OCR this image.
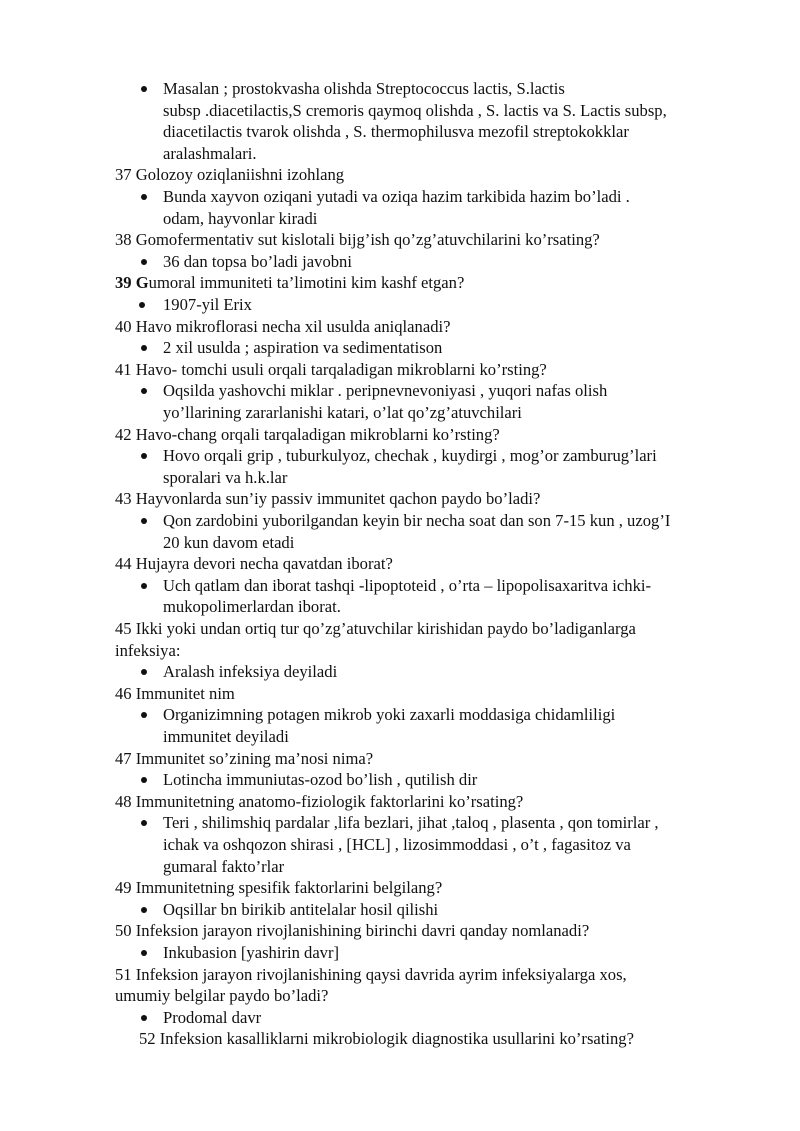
Masalan ; prostokvasha olishda Streptococcus lactis, S.lactis
subsp .diacetilactis,S cremoris qaymoq olishda , S. lactis va S. Lactis subsp,
diacetilactis tvarok olishda , S. thermophilusva mezofil streptokokklar
aralashmalari.
37 Golozoy oziqlaniishni izohlang
Bunda xayvon oziqani yutadi va oziqa hazim tarkibida hazim bo’ladi .
odam, hayvonlar kiradi
38 Gomofermentativ sut kislotali bijg’ish qo’zg’atuvchilarini ko’rsating?
36 dan topsa bo’ladi javobni
39 Gumoral immuniteti ta’limotini kim kashf etgan?
1907-yil Erix
40 Havo mikroflorasi necha xil usulda aniqlanadi?
2 xil usulda ; aspiration va sedimentatison
41 Havo- tomchi usuli orqali tarqaladigan mikroblarni ko’rsting?
Oqsilda yashovchi miklar . peripnevnevoniyasi , yuqori nafas olish
yo’llarining zararlanishi katari, o’lat qo’zg’atuvchilari
42 Havo-chang orqali tarqaladigan mikroblarni ko’rsting?
Hovo orqali grip , tuburkulyoz, chechak , kuydirgi , mog’or zamburug’lari
sporalari va h.k.lar
43 Hayvonlarda sun’iy passiv immunitet qachon paydo bo’ladi?
Qon zardobini yuborilgandan keyin bir necha soat dan son 7-15 kun , uzog’I
20 kun davom etadi
44 Hujayra devori necha qavatdan iborat?
Uch qatlam dan iborat tashqi -lipoptoteid , o’rta – lipopolisaxaritva ichki-
mukopolimerlardan iborat.
45 Ikki yoki undan ortiq tur qo’zg’atuvchilar kirishidan paydo bo’ladiganlarga
infeksiya:
Aralash infeksiya deyiladi
46 Immunitet nim
Organizimning potagen mikrob yoki zaxarli moddasiga chidamliligi
immunitet deyiladi
47 Immunitet so’zining ma’nosi nima?
Lotincha immuniutas-ozod bo’lish , qutilish dir
48 Immunitetning anatomo-fiziologik faktorlarini ko’rsating?
Teri , shilimshiq pardalar ,lifa bezlari, jihat ,taloq , plasenta , qon tomirlar ,
ichak va oshqozon shirasi , [HCL] , lizosimmoddasi , o’t , fagasitoz va
gumaral fakto’rlar
49 Immunitetning spesifik faktorlarini belgilang?
Oqsillar bn birikib antitelalar hosil qilishi
50 Infeksion jarayon rivojlanishining birinchi davri qanday nomlanadi?
Inkubasion [yashirin davr]
51 Infeksion jarayon rivojlanishining qaysi davrida ayrim infeksiyalarga xos,
umumiy belgilar paydo bo’ladi?
Prodomal davr
52 Infeksion kasalliklarni mikrobiologik diagnostika usullarini ko’rsating?
